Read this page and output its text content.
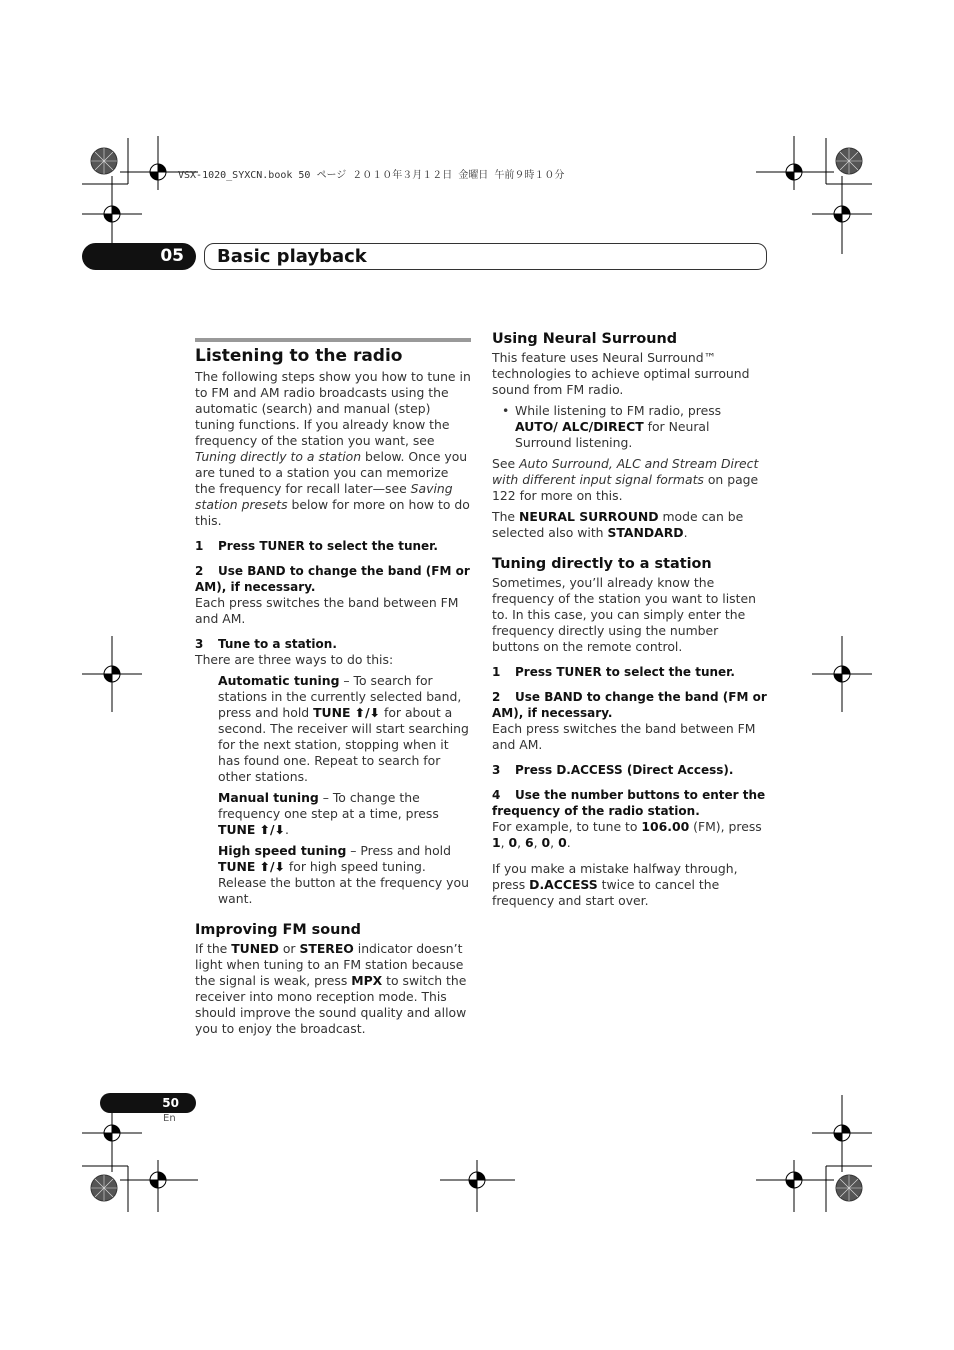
VSX-1020_SYXCN.book 50 ページ ２０１０年３月１２日 金曜日 午前９時１０分
05	Basic playback
Listening to the radio

The following steps show you how to tune in to FM and AM radio broadcasts using the automatic (search) and manual (step) tuning functions. If you already know the frequency of the station you want, see Tuning directly to a station below. Once you are tuned to a station you can memorize the frequency for recall later—see Saving station presets below for more on how to do this.

1 Press TUNER to select the tuner.

2 Use BAND to change the band (FM or AM), if necessary.

Each press switches the band between FM and AM.

3 Tune to a station.

There are three ways to do this:

Automatic tuning – To search for stations in the currently selected band, press and hold TUNE ⬆/⬇ for about a second. The receiver will start searching for the next station, stopping when it has found one. Repeat to search for other stations.

Manual tuning – To change the frequency one step at a time, press TUNE ⬆/⬇.

High speed tuning – Press and hold TUNE ⬆/⬇ for high speed tuning. Release the button at the frequency you want.

Improving FM sound

If the TUNED or STEREO indicator doesn’t light when tuning to an FM station because the signal is weak, press MPX to switch the receiver into mono reception mode. This should improve the sound quality and allow you to enjoy the broadcast.

Using Neural Surround

This feature uses Neural Surround™ technologies to achieve optimal surround sound from FM radio.

• While listening to FM radio, press AUTO/ ALC/DIRECT for Neural Surround listening.

See Auto Surround, ALC and Stream Direct with different input signal formats on page 122 for more on this.

The NEURAL SURROUND mode can be selected also with STANDARD.

Tuning directly to a station

Sometimes, you’ll already know the frequency of the station you want to listen to. In this case, you can simply enter the frequency directly using the number buttons on the remote control.

1 Press TUNER to select the tuner.

2 Use BAND to change the band (FM or AM), if necessary.

Each press switches the band between FM and AM.

3 Press D.ACCESS (Direct Access).

4 Use the number buttons to enter the frequency of the radio station.

For example, to tune to 106.00 (FM), press 1, 0, 6, 0, 0.

If you make a mistake halfway through, press D.ACCESS twice to cancel the frequency and start over.

50
En
